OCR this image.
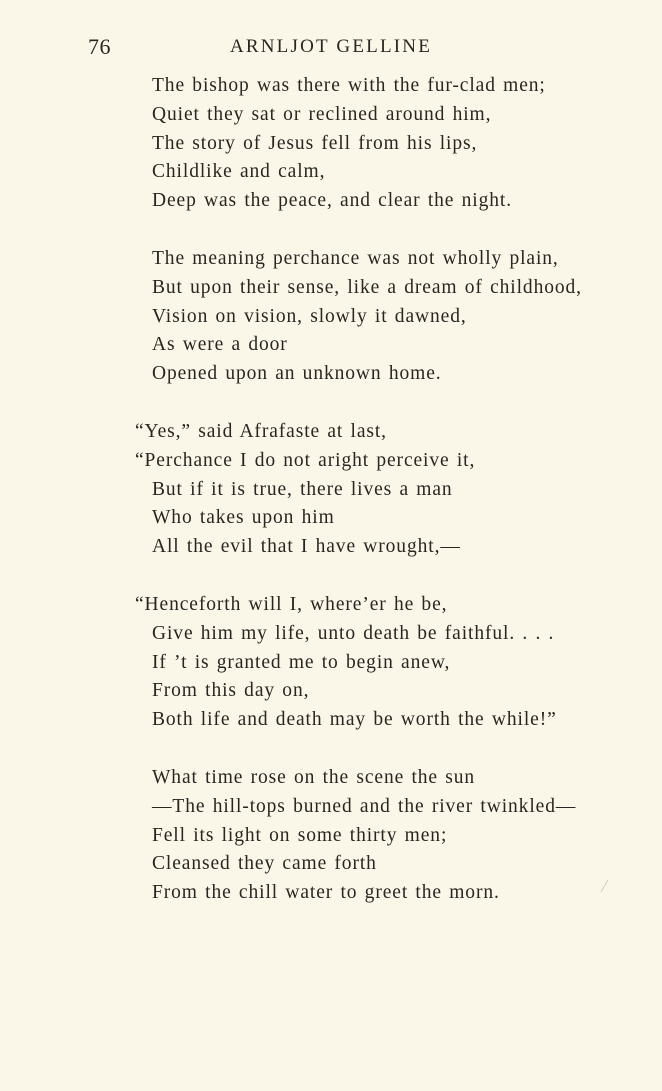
76	ARNLJOT GELLINE
The bishop was there with the fur-clad men;
Quiet they sat or reclined around him,
The story of Jesus fell from his lips,
Childlike and calm,
Deep was the peace, and clear the night.
The meaning perchance was not wholly plain,
But upon their sense, like a dream of childhood,
Vision on vision, slowly it dawned,
As were a door
Opened upon an unknown home.
“Yes,” said Afrafaste at last,
“Perchance I do not aright perceive it,
But if it is true, there lives a man
Who takes upon him
All the evil that I have wrought,—
“Henceforth will I, where’er he be,
Give him my life, unto death be faithful. . . .
If ’t is granted me to begin anew,
From this day on,
Both life and death may be worth the while!”
What time rose on the scene the sun
—The hill-tops burned and the river twinkled—
Fell its light on some thirty men;
Cleansed they came forth
From the chill water to greet the morn.
